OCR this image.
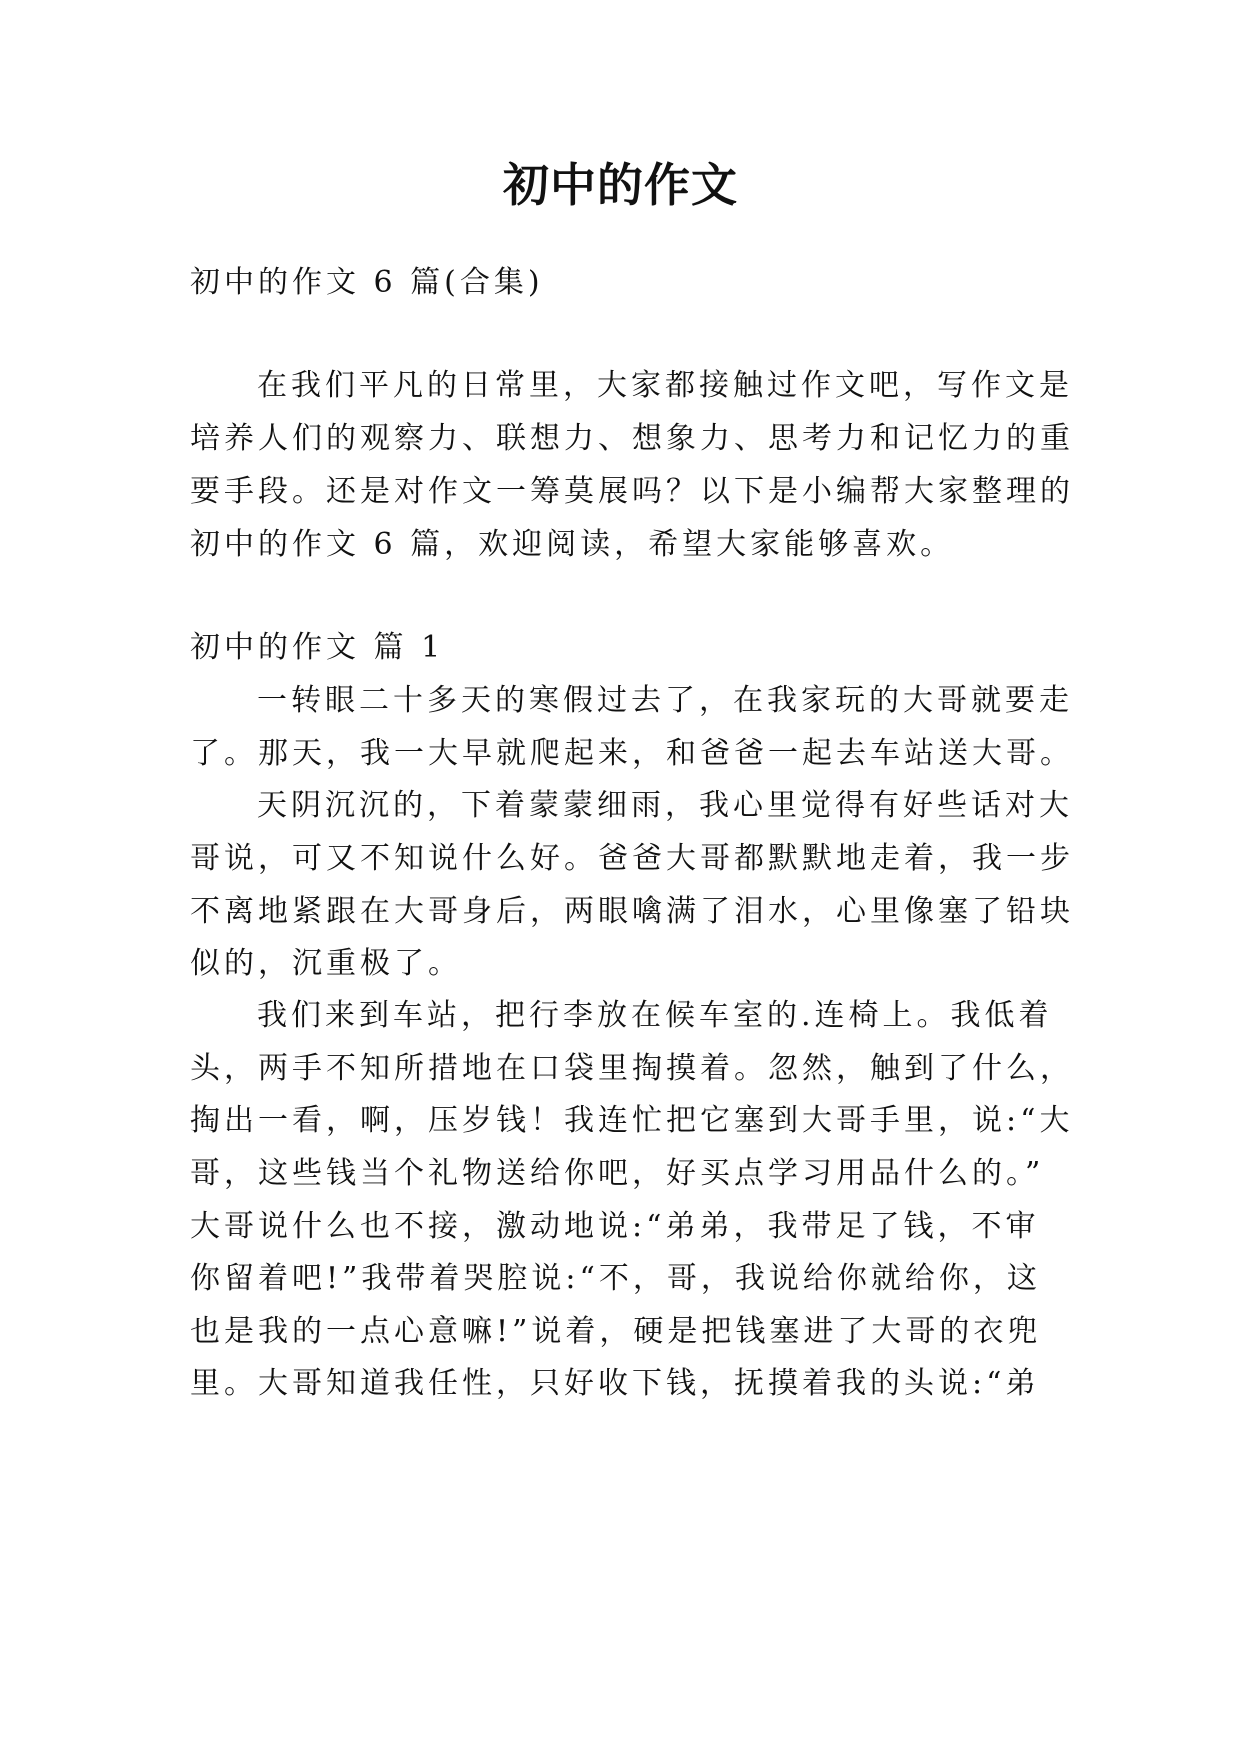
初中的作文

初中的作文 6 篇(合集)

在我们平凡的日常里，大家都接触过作文吧，写作文是

培养人们的观察力、联想力、想象力、思考力和记忆力的重

要手段。还是对作文一筹莫展吗？以下是小编帮大家整理的

初中的作文 6 篇，欢迎阅读，希望大家能够喜欢。

初中的作文 篇 1

一转眼二十多天的寒假过去了，在我家玩的大哥就要走

了。那天，我一大早就爬起来，和爸爸一起去车站送大哥。

天阴沉沉的，下着蒙蒙细雨，我心里觉得有好些话对大

哥说，可又不知说什么好。爸爸大哥都默默地走着，我一步

不离地紧跟在大哥身后，两眼噙满了泪水，心里像塞了铅块

似的，沉重极了。

我们来到车站，把行李放在候车室的.连椅上。我低着

头，两手不知所措地在口袋里掏摸着。忽然，触到了什么，

掏出一看，啊，压岁钱！我连忙把它塞到大哥手里，说:“大

哥，这些钱当个礼物送给你吧，好买点学习用品什么的。”

大哥说什么也不接，激动地说:“弟弟，我带足了钱，不审

你留着吧!”我带着哭腔说:“不，哥，我说给你就给你，这

也是我的一点心意嘛!”说着，硬是把钱塞进了大哥的衣兜

里。大哥知道我任性，只好收下钱，抚摸着我的头说:“弟
